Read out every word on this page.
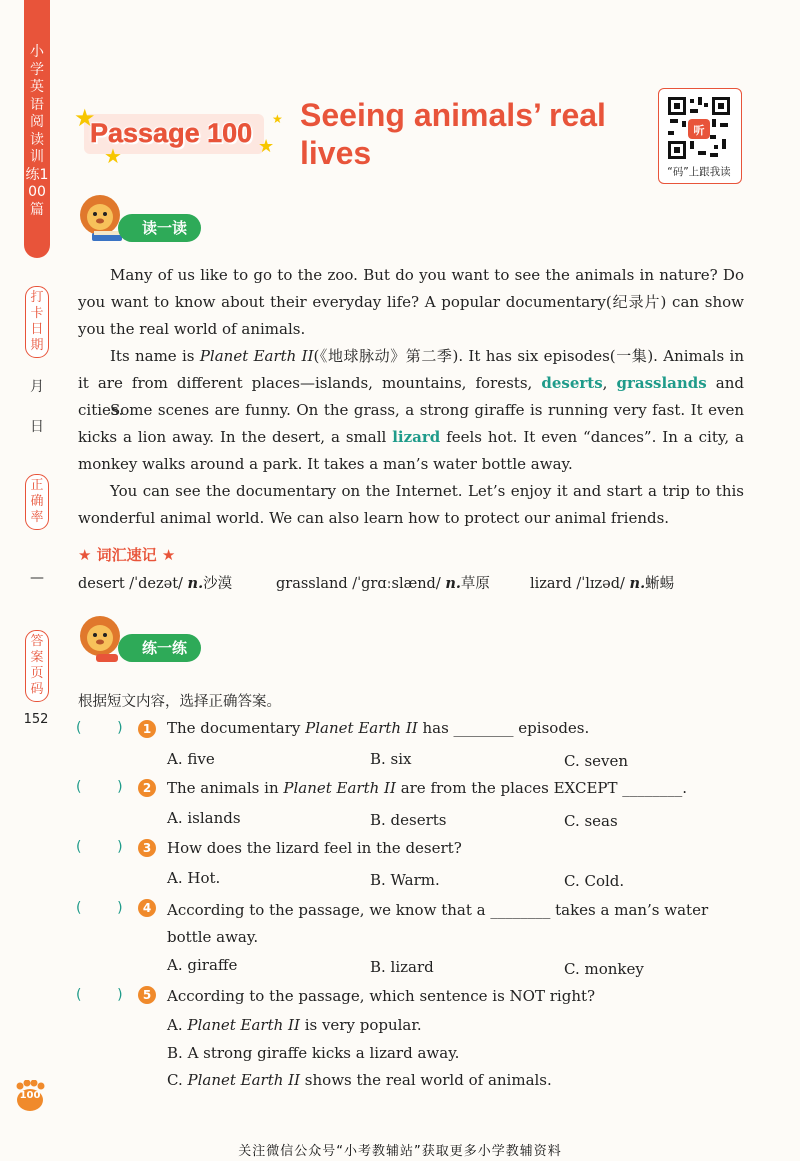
小学英语阅读训练100篇
打卡日期
月
日
正确率
—
答案页码
152
100
★
★	★
★
Passage 100 Seeing animals’ real lives
听
“码”上跟我读
读一读
Many of us like to go to the zoo. But do you want to see the animals in nature? Do you want to know about their everyday life? A popular documentary(纪录片) can show you the real world of animals.
Its name is Planet Earth II(《地球脉动》第二季). It has six episodes(一集). Animals in it are from different places—islands, mountains, forests, deserts, grasslands and cities.
Some scenes are funny. On the grass, a strong giraffe is running very fast. It even kicks a lion away. In the desert, a small lizard feels hot. It even “dances”. In a city, a monkey walks around a park. It takes a man’s water bottle away.
You can see the documentary on the Internet. Let’s enjoy it and start a trip to this wonderful animal world. We can also learn how to protect our animal friends.
★ 词汇速记 ★
desert /ˈdezət/ n.沙漠	grassland /ˈgrɑːslænd/ n.草原	lizard /ˈlɪzəd/ n.蜥蜴
练一练
根据短文内容，选择正确答案。
(        )	1	The documentary Planet Earth II has ________ episodes.
A. five	B. six	C. seven
(        )	2	The animals in Planet Earth II are from the places EXCEPT ________.
A. islands	B. deserts	C. seas
(        )	3	How does the lizard feel in the desert?
A. Hot.	B. Warm.	C. Cold.
(        )	4	According to the passage, we know that a ________ takes a man’s water bottle away.
A. giraffe	B. lizard	C. monkey
(        )	5	According to the passage, which sentence is NOT right?
A. Planet Earth II is very popular.
B. A strong giraffe kicks a lizard away.
C. Planet Earth II shows the real world of animals.
关注微信公众号“小考教辅站”获取更多小学教辅资料
